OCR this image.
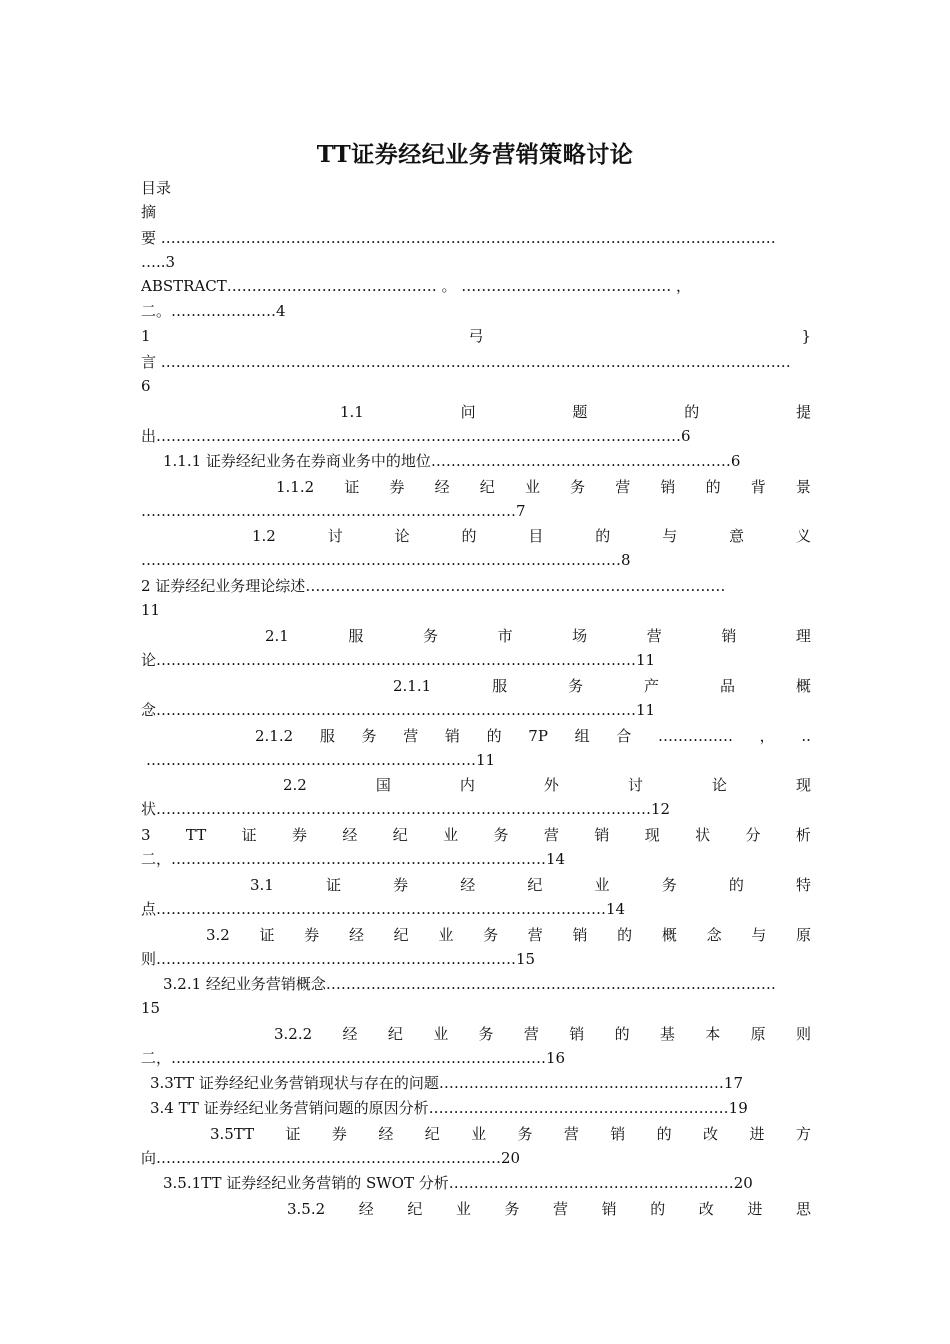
TT证券经纪业务营销策略讨论
目录
摘
要 ……………………………………………………………………………………………………………
…..3
ABSTRACT…………………………………… 。 …………………………………… ，
二。…………………4
1	弓	}
言 ………………………………………………………………………………………………………………
6
1.1	问	题	的	提
出……………………………………………………………………………………………6
1.1.1 证券经纪业务在券商业务中的地位……………………………………………………6
1.1.2 证 券 经 纪 业 务 营 销 的 背 景
…………………………………………………………………7
1.2	讨	论	的	目	的	与	意	义
……………………………………………………………………………………8
2 证券经纪业务理论综述…………………………………………………………………………
11
2.1	服	务	市	场	营	销	理
论……………………………………………………………………………………11
2.1.1	服	务	产	品	概
念……………………………………………………………………………………11
2.1.2 服 务 营 销 的 7P 组 合 …………… ， ..
…………………………………………………………11
2.2	国	内	外	讨	论	现
状………………………………………………………………………………………12
3 TT 证 券 经 纪 业 务 营 销 现 状 分 析
二，…………………………………………………………………14
3.1	证	券	经	纪	业	务	的	特
点………………………………………………………………………………14
3.2 证 券 经 纪 业 务 营 销 的 概 念 与 原
则………………………………………………………………15
3.2.1 经纪业务营销概念………………………………………………………………………………
15
3.2.2 经 纪 业 务 营 销 的 基 本 原 则
二，…………………………………………………………………16
3.3TT 证券经纪业务营销现状与存在的问题…………………………………………………17
3.4 TT 证券经纪业务营销问题的原因分析……………………………………………………19
3.5TT 证 券 经 纪 业 务 营 销 的 改 进 方
向……………………………………………………………20
3.5.1TT 证券经纪业务营销的 SWOT 分析…………………………………………………20
3.5.2 经 纪 业 务 营 销 的 改 进 思
